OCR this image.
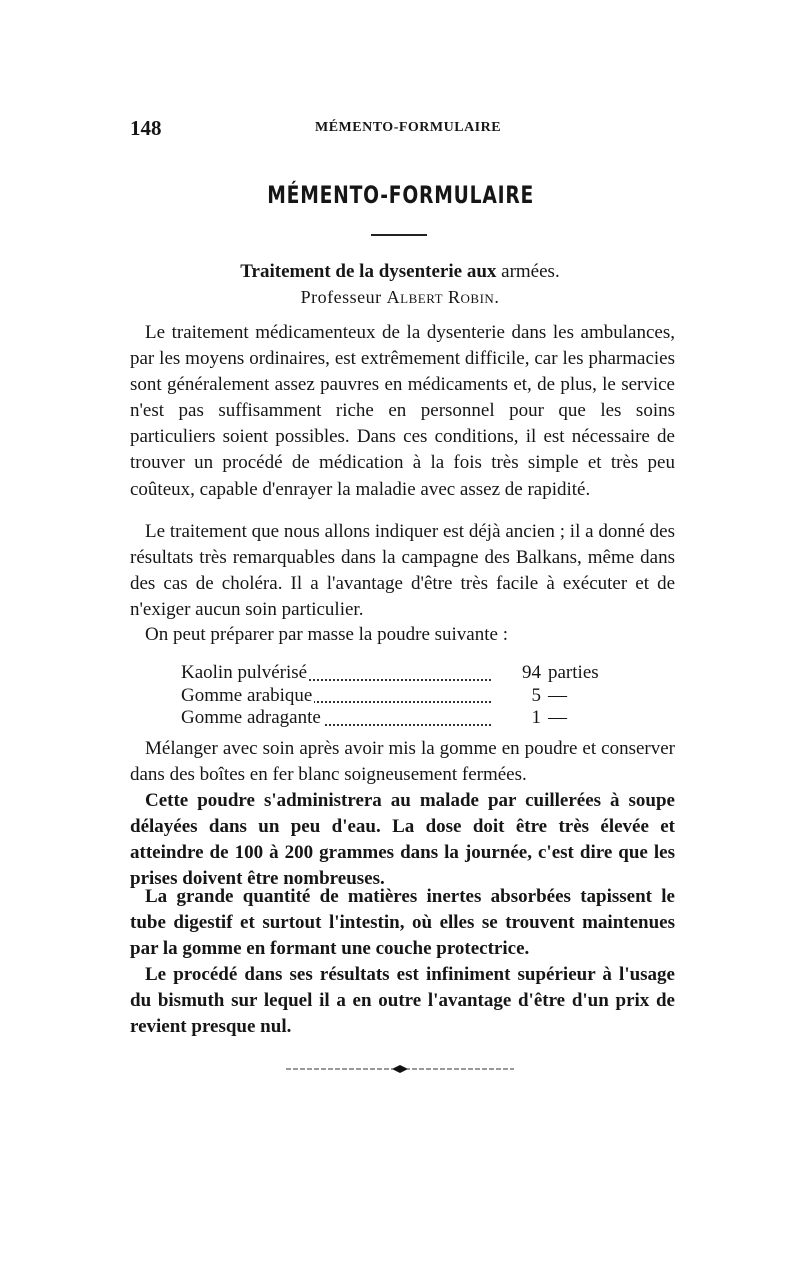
148	MÉMENTO-FORMULAIRE
MÉMENTO-FORMULAIRE
Traitement de la dysenterie aux armées.
Professeur Albert Robin.

Le traitement médicamenteux de la dysenterie dans les ambulances, par les moyens ordinaires, est extrêmement difficile, car les pharmacies sont généralement assez pauvres en médicaments et, de plus, le service n'est pas suffisamment riche en personnel pour que les soins particuliers soient possibles. Dans ces conditions, il est nécessaire de trouver un procédé de médication à la fois très simple et très peu coûteux, capable d'enrayer la maladie avec assez de rapidité.

Le traitement que nous allons indiquer est déjà ancien ; il a donné des résultats très remarquables dans la campagne des Balkans, même dans des cas de choléra. Il a l'avantage d'être très facile à exécuter et de n'exiger aucun soin particulier.

On peut préparer par masse la poudre suivante :

Kaolin pulvérisé	94 parties
Gomme arabique	5 —
Gomme adragante	1 —

Mélanger avec soin après avoir mis la gomme en poudre et conserver dans des boîtes en fer blanc soigneusement fermées.

Cette poudre s'administrera au malade par cuillerées à soupe délayées dans un peu d'eau. La dose doit être très élevée et atteindre de 100 à 200 grammes dans la journée, c'est dire que les prises doivent être nombreuses.

La grande quantité de matières inertes absorbées tapissent le tube digestif et surtout l'intestin, où elles se trouvent maintenues par la gomme en formant une couche protectrice.

Le procédé dans ses résultats est infiniment supérieur à l'usage du bismuth sur lequel il a en outre l'avantage d'être d'un prix de revient presque nul.
